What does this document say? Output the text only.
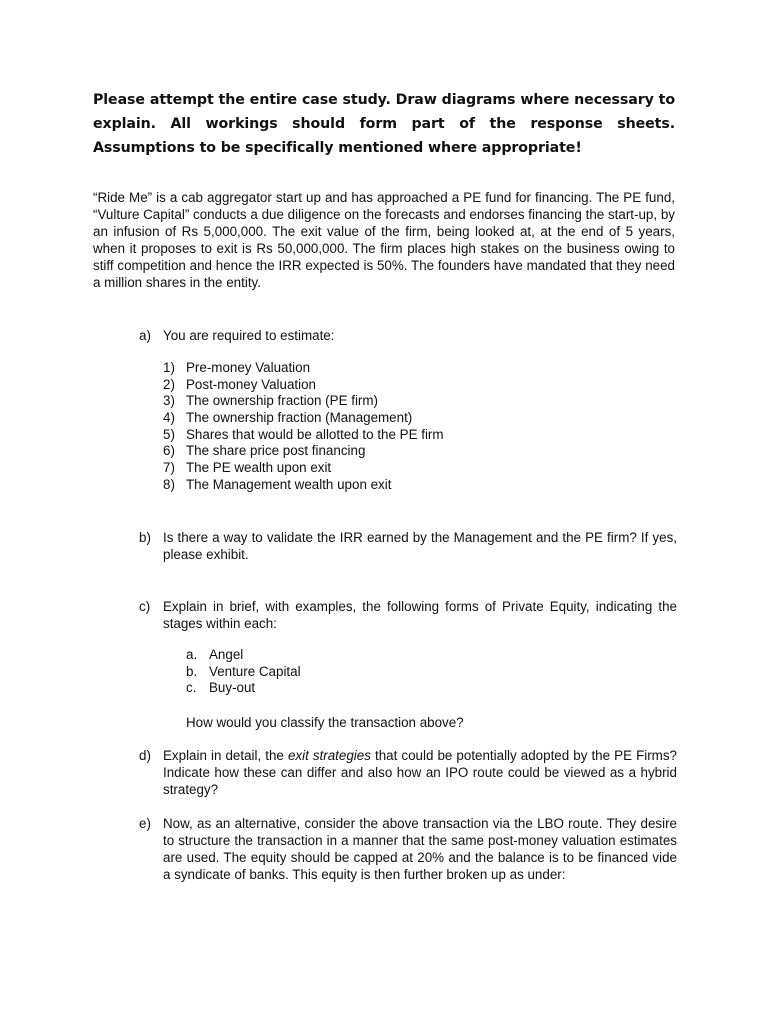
Please attempt the entire case study. Draw diagrams where necessary to explain. All workings should form part of the response sheets. Assumptions to be specifically mentioned where appropriate!
“Ride Me” is a cab aggregator start up and has approached a PE fund for financing. The PE fund, “Vulture Capital” conducts a due diligence on the forecasts and endorses financing the start-up, by an infusion of Rs 5,000,000. The exit value of the firm, being looked at, at the end of 5 years, when it proposes to exit is Rs 50,000,000. The firm places high stakes on the business owing to stiff competition and hence the IRR expected is 50%. The founders have mandated that they need a million shares in the entity.
a) You are required to estimate:
1) Pre-money Valuation
2) Post-money Valuation
3) The ownership fraction (PE firm)
4) The ownership fraction (Management)
5) Shares that would be allotted to the PE firm
6) The share price post financing
7) The PE wealth upon exit
8) The Management wealth upon exit
b) Is there a way to validate the IRR earned by the Management and the PE firm? If yes, please exhibit.
c) Explain in brief, with examples, the following forms of Private Equity, indicating the stages within each:
a. Angel
b. Venture Capital
c. Buy-out
How would you classify the transaction above?
d) Explain in detail, the exit strategies that could be potentially adopted by the PE Firms? Indicate how these can differ and also how an IPO route could be viewed as a hybrid strategy?
e) Now, as an alternative, consider the above transaction via the LBO route. They desire to structure the transaction in a manner that the same post-money valuation estimates are used. The equity should be capped at 20% and the balance is to be financed vide a syndicate of banks. This equity is then further broken up as under:
